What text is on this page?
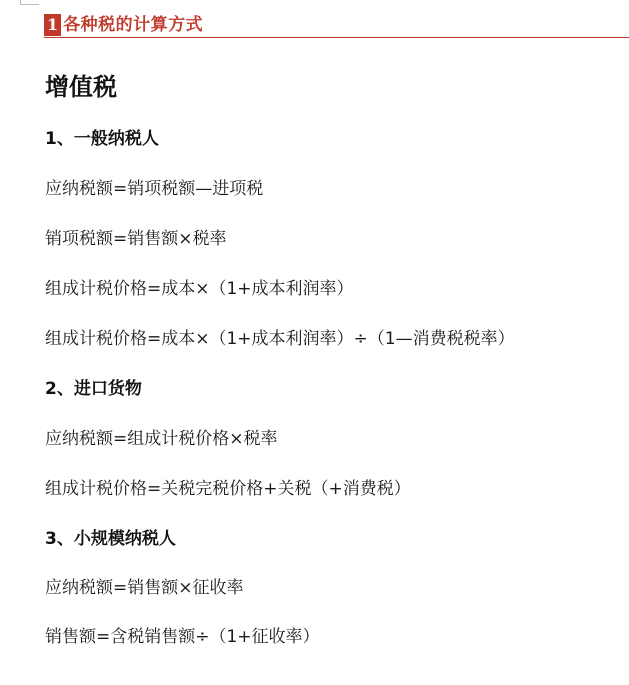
1 各种税的计算方式
增值税
1、一般纳税人
应纳税额=销项税额—进项税
销项税额=销售额×税率
组成计税价格=成本×（1+成本利润率）
组成计税价格=成本×（1+成本利润率）÷（1—消费税税率）
2、进口货物
应纳税额=组成计税价格×税率
组成计税价格=关税完税价格+关税（+消费税）
3、小规模纳税人
应纳税额=销售额×征收率
销售额=含税销售额÷（1+征收率）
